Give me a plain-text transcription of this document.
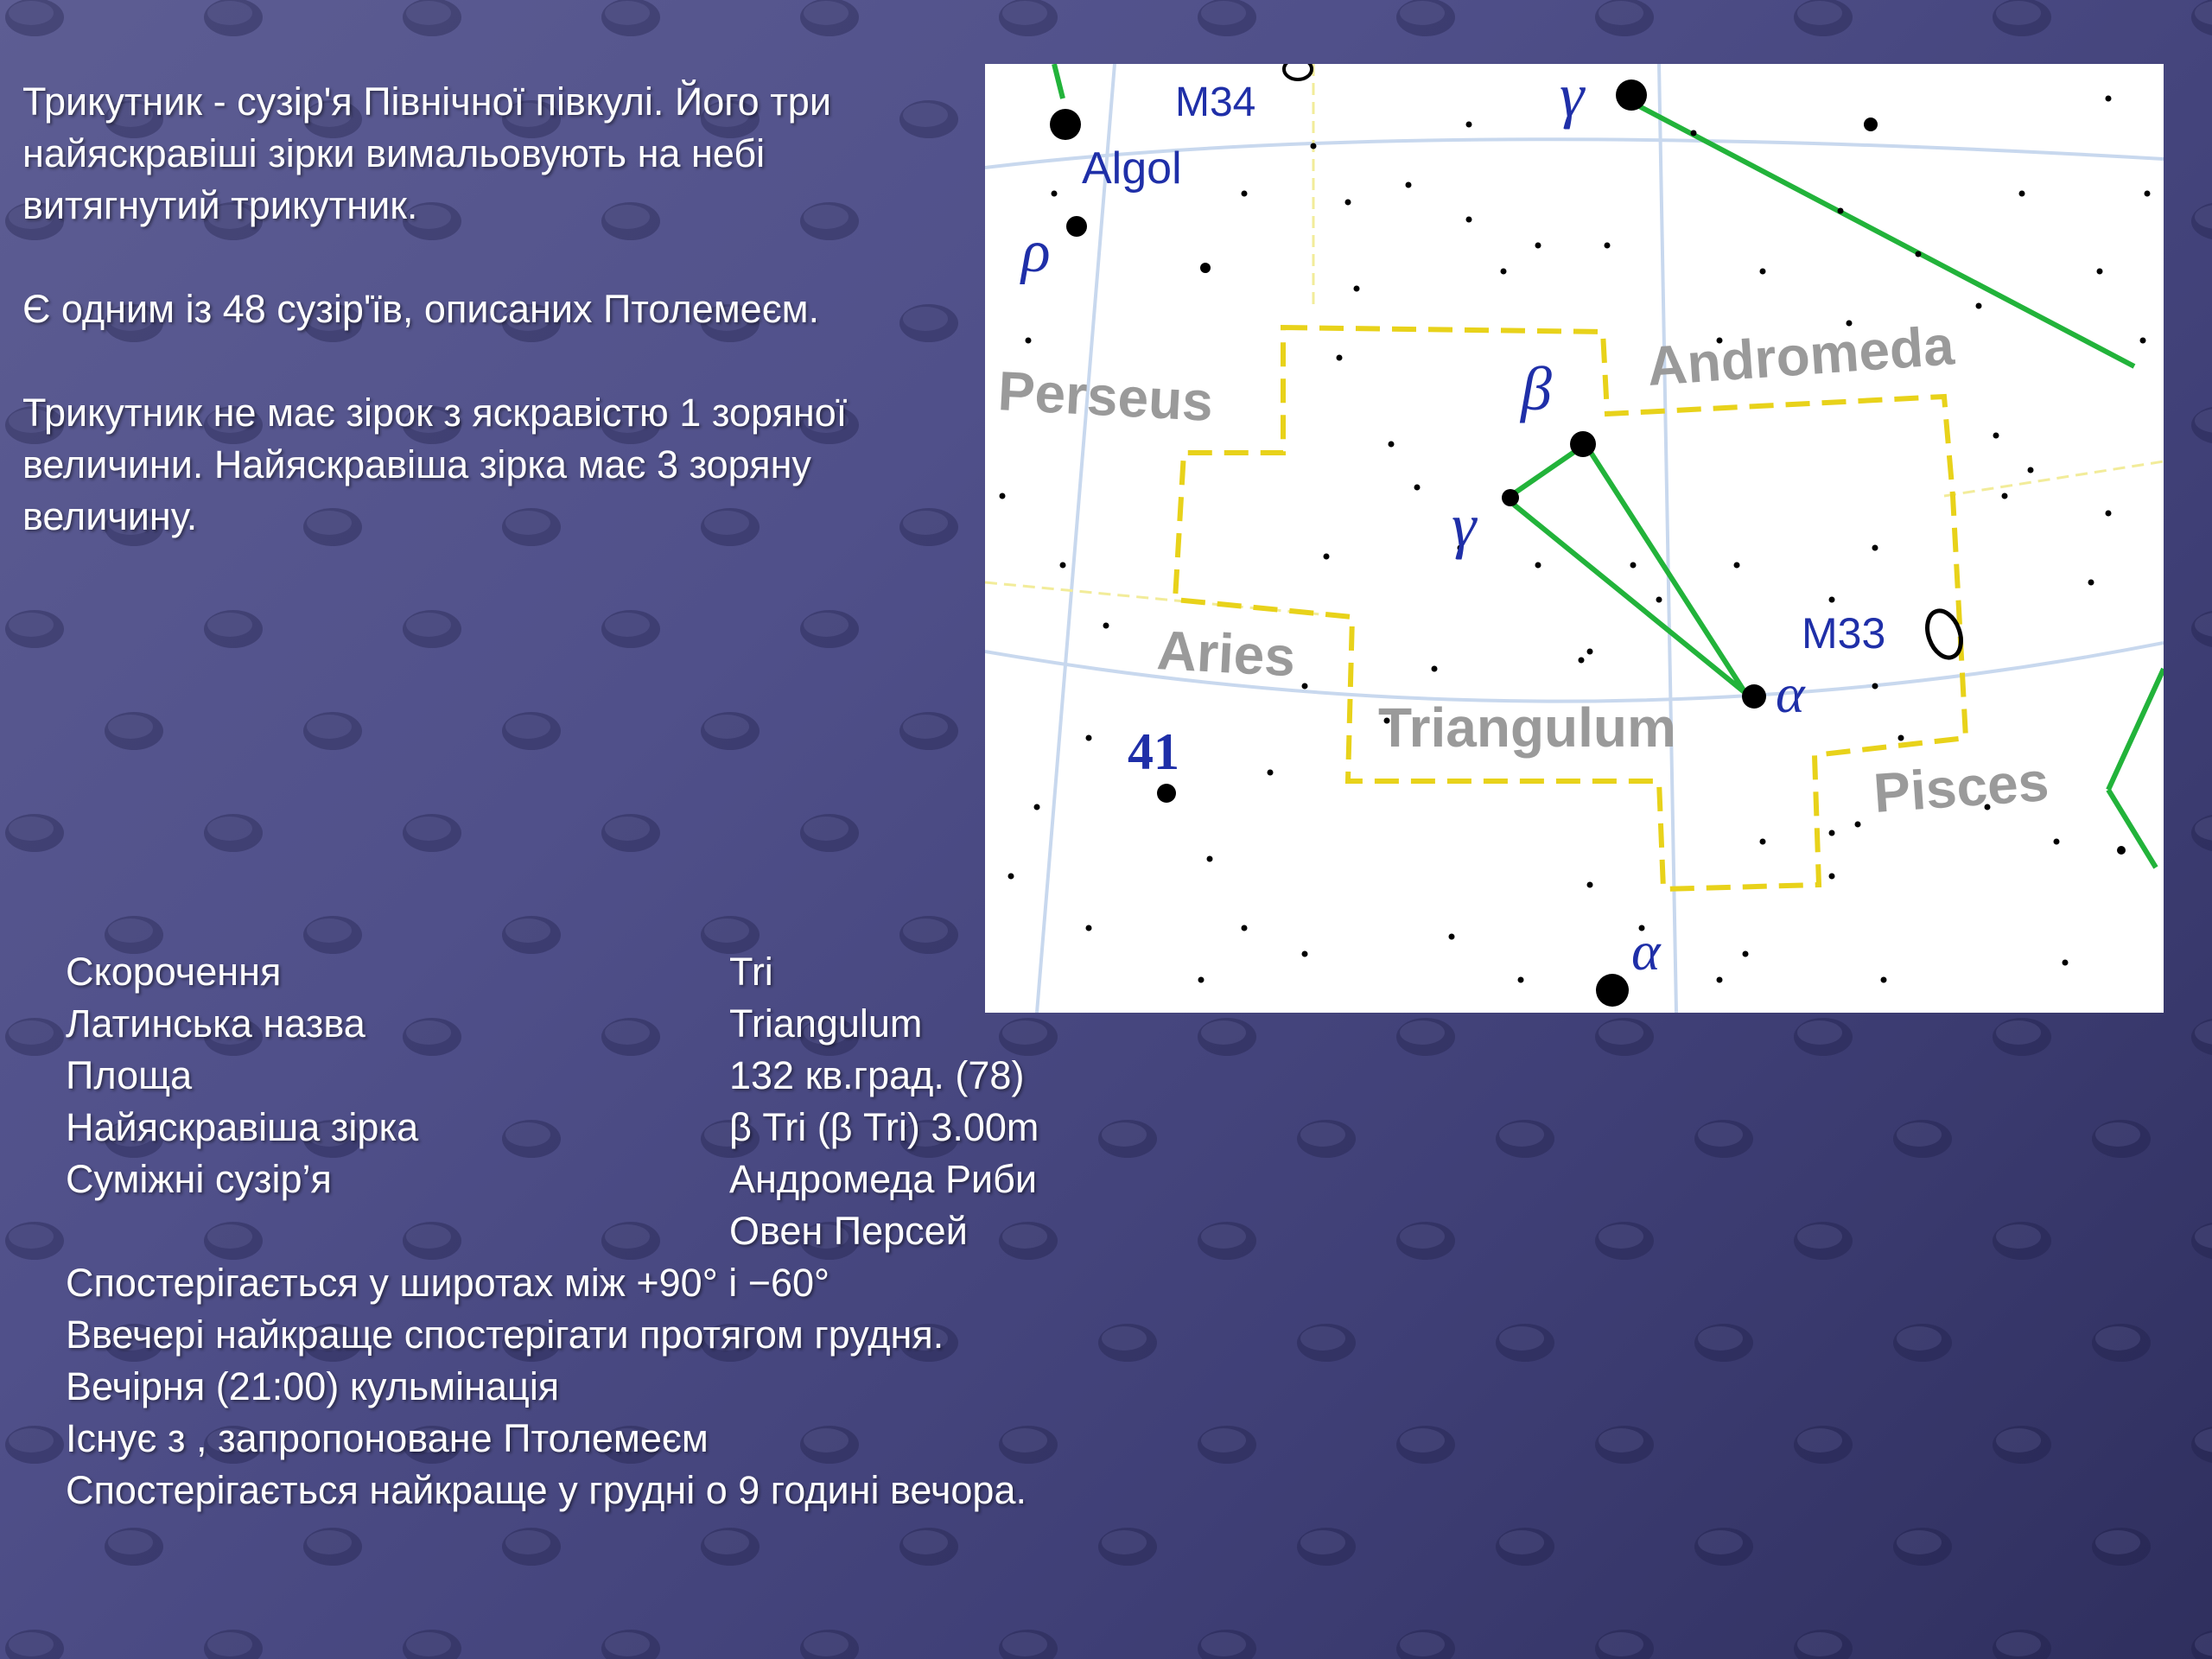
Трикутник - сузір'я Північної півкулі. Його три найяскравіші зірки вимальовують на небі витягнутий трикутник.

Є одним із 48 сузір'їв, описаних Птолемеєм.

Трикутник не має зірок з яскравістю 1 зоряної величини. Найяскравіша зірка має 3 зоряну величину.

M34
Algol
M33
41
γ
ρ
β
γ
α
α
Perseus	Andromeda
Aries
Triangulum
Pisces
Скорочення	Tri
Латинська назва	Triangulum
Площа	132 кв.град. (78)
Найяскравіша зірка	β Tri (β Tri) 3.00m
Суміжні сузір’я	Андромеда Риби
Овен Персей
Спостерігається у широтах між +90° і −60°
Ввечері найкраще спостерігати протягом грудня.
Вечірня (21:00) кульмінація
Існує з , запропоноване Птолемеєм
Спостерігається найкраще у грудні о 9 годині вечора.
